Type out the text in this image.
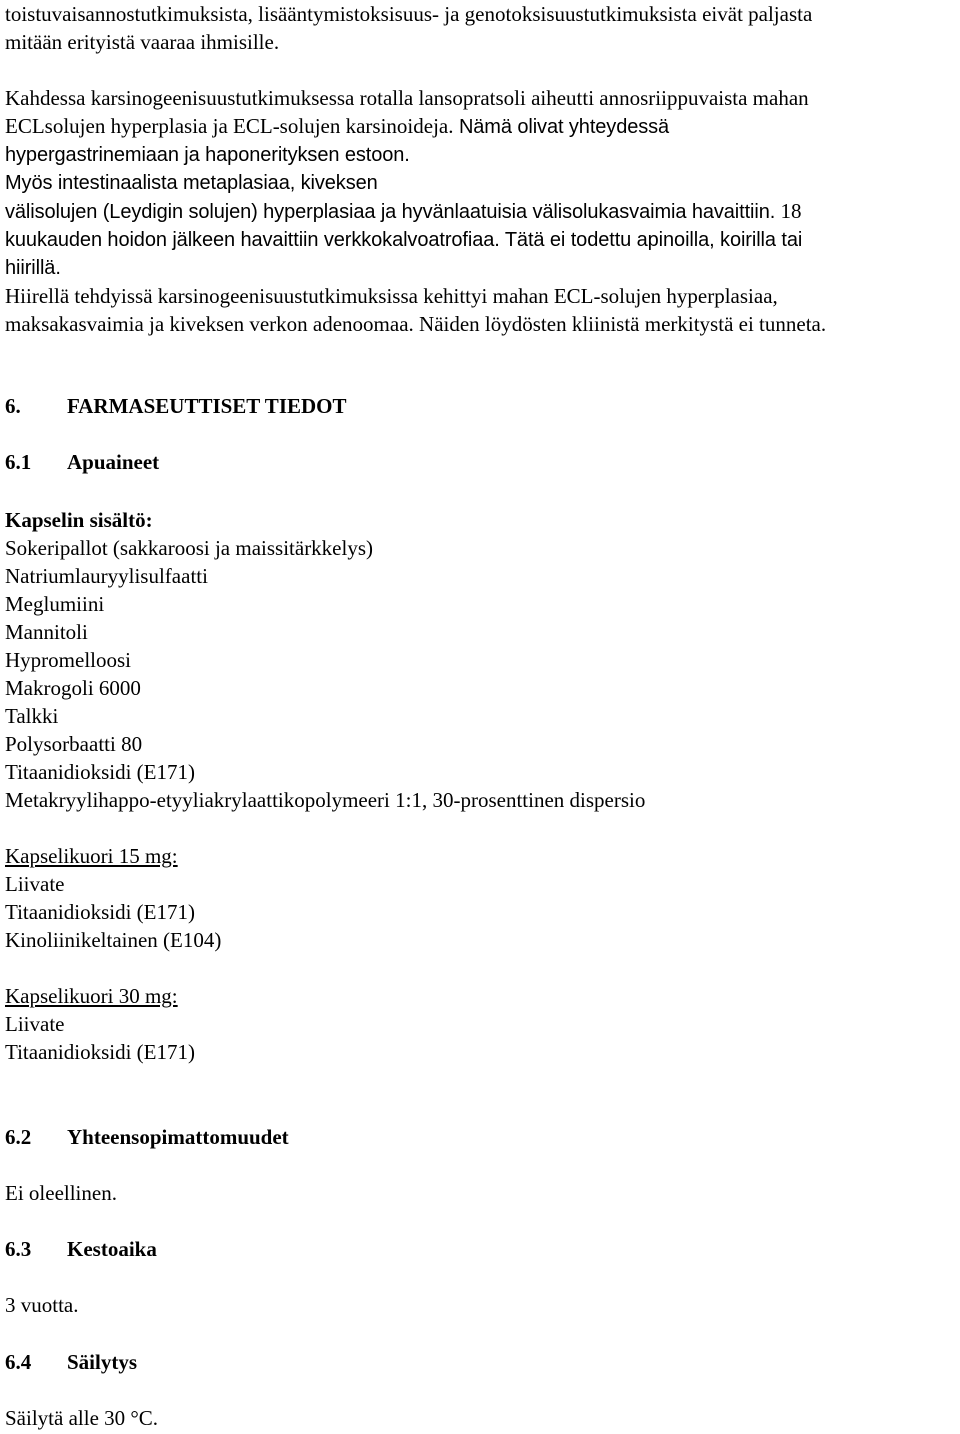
toistuvaisannostutkimuksista, lisääntymistoksisuus- ja genotoksisuustutkimuksista eivät paljasta
mitään erityistä vaaraa ihmisille.
Kahdessa karsinogeenisuustutkimuksessa rotalla lansopratsoli aiheutti annosriippuvaista mahan
ECLsolujen hyperplasia ja ECL-solujen karsinoideja. Nämä olivat yhteydessä
hypergastrinemiaan ja haponerityksen estoon.
Myös intestinaalista metaplasiaa, kiveksen
välisolujen (Leydigin solujen) hyperplasiaa ja hyvänlaatuisia välisolukasvaimia havaittiin. 18
kuukauden hoidon jälkeen havaittiin verkkokalvoatrofiaa. Tätä ei todettu apinoilla, koirilla tai
hiirillä.
Hiirellä tehdyissä karsinogeenisuustutkimuksissa kehittyi mahan ECL-solujen hyperplasiaa,
maksakasvaimia ja kiveksen verkon adenoomaa. Näiden löydösten kliinistä merkitystä ei tunneta.
6. FARMASEUTTISET TIEDOT
6.1 Apuaineet
Kapselin sisältö:
Sokeripallot (sakkaroosi ja maissitärkkelys)
Natriumlauryylisulfaatti
Meglumiini
Mannitoli
Hypromelloosi
Makrogoli 6000
Talkki
Polysorbaatti 80
Titaanidioksidi (E171)
Metakryylihappo-etyyliakrylaattikopolymeeri 1:1, 30-prosenttinen dispersio
Kapselikuori 15 mg:
Liivate
Titaanidioksidi (E171)
Kinoliinikeltainen (E104)
Kapselikuori 30 mg:
Liivate
Titaanidioksidi (E171)
6.2 Yhteensopimattomuudet
Ei oleellinen.
6.3 Kestoaika
3 vuotta.
6.4 Säilytys
Säilytä alle 30 °C.
